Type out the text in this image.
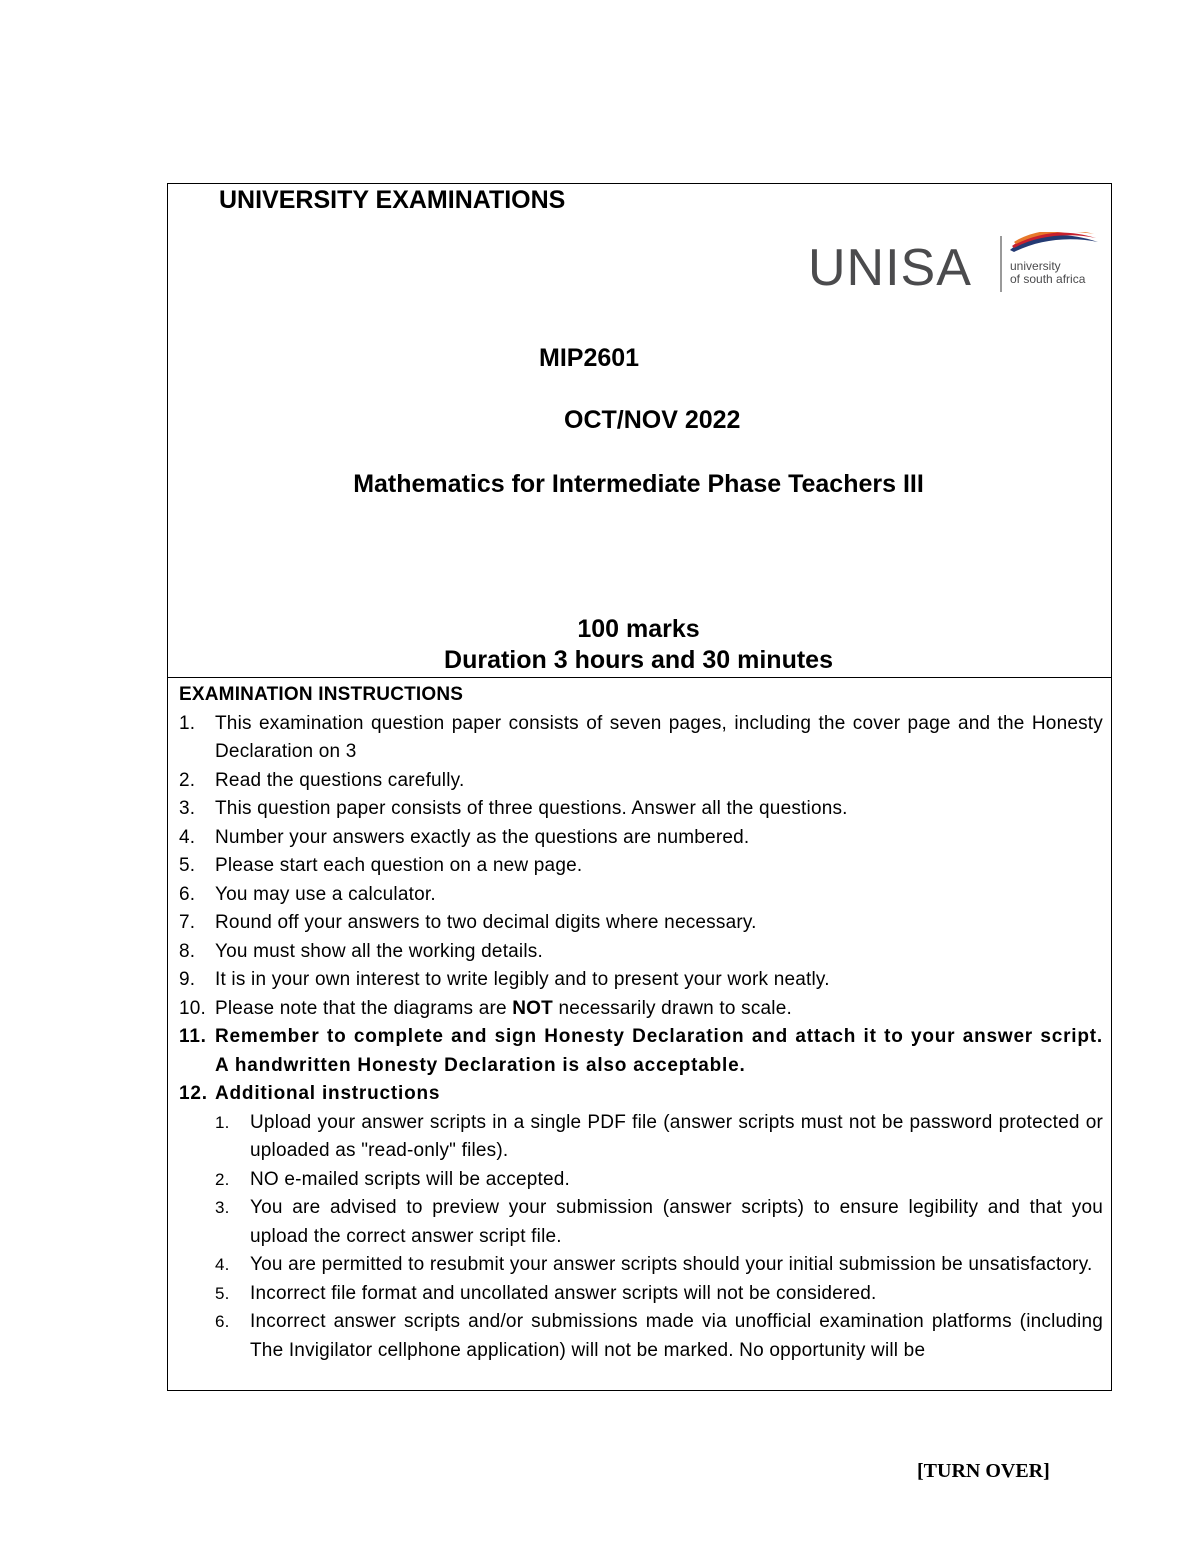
UNIVERSITY EXAMINATIONS
UNISA	university
of south africa
MIP2601
OCT/NOV 2022
Mathematics for Intermediate Phase Teachers III
100 marks
Duration 3 hours and 30 minutes
EXAMINATION INSTRUCTIONS
1. This examination question paper consists of seven pages, including the cover page and the Honesty Declaration on 3
2. Read the questions carefully.
3. This question paper consists of three questions. Answer all the questions.
4. Number your answers exactly as the questions are numbered.
5. Please start each question on a new page.
6. You may use a calculator.
7. Round off your answers to two decimal digits where necessary.
8. You must show all the working details.
9. It is in your own interest to write legibly and to present your work neatly.
10. Please note that the diagrams are NOT necessarily drawn to scale.
11. Remember to complete and sign Honesty Declaration and attach it to your answer script. A handwritten Honesty Declaration is also acceptable.
12. Additional instructions
1. Upload your answer scripts in a single PDF file (answer scripts must not be password protected or uploaded as "read-only" files).
2. NO e-mailed scripts will be accepted.
3. You are advised to preview your submission (answer scripts) to ensure legibility and that you upload the correct answer script file.
4. You are permitted to resubmit your answer scripts should your initial submission be unsatisfactory.
5. Incorrect file format and uncollated answer scripts will not be considered.
6. Incorrect answer scripts and/or submissions made via unofficial examination platforms (including The Invigilator cellphone application) will not be marked. No opportunity will be
[TURN OVER]
